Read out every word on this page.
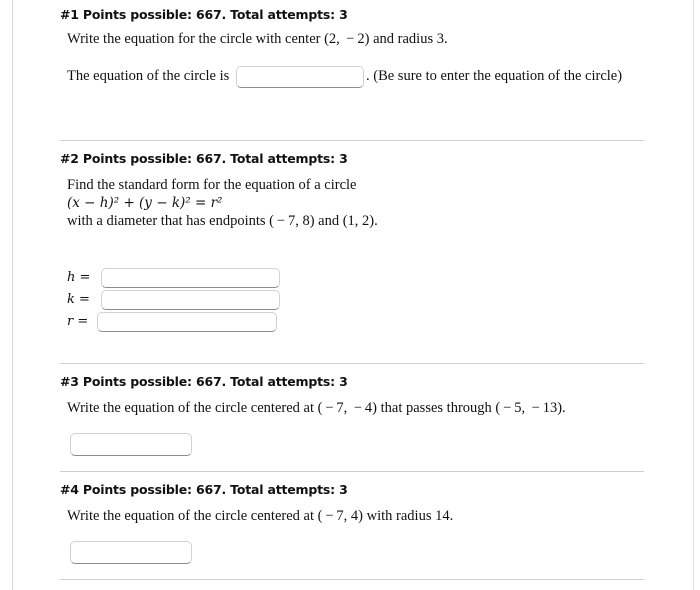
#1 Points possible: 667. Total attempts: 3
Write the equation for the circle with center (2,  − 2) and radius 3.
The equation of the circle is	. (Be sure to enter the equation of the circle)
#2 Points possible: 667. Total attempts: 3
Find the standard form for the equation of a circle
(x − h)² + (y − k)² = r²
with a diameter that has endpoints ( − 7, 8) and (1, 2).
h =
k =
r =
#3 Points possible: 667. Total attempts: 3
Write the equation of the circle centered at ( − 7,  − 4) that passes through ( − 5,  − 13).
#4 Points possible: 667. Total attempts: 3
Write the equation of the circle centered at ( − 7, 4) with radius 14.
